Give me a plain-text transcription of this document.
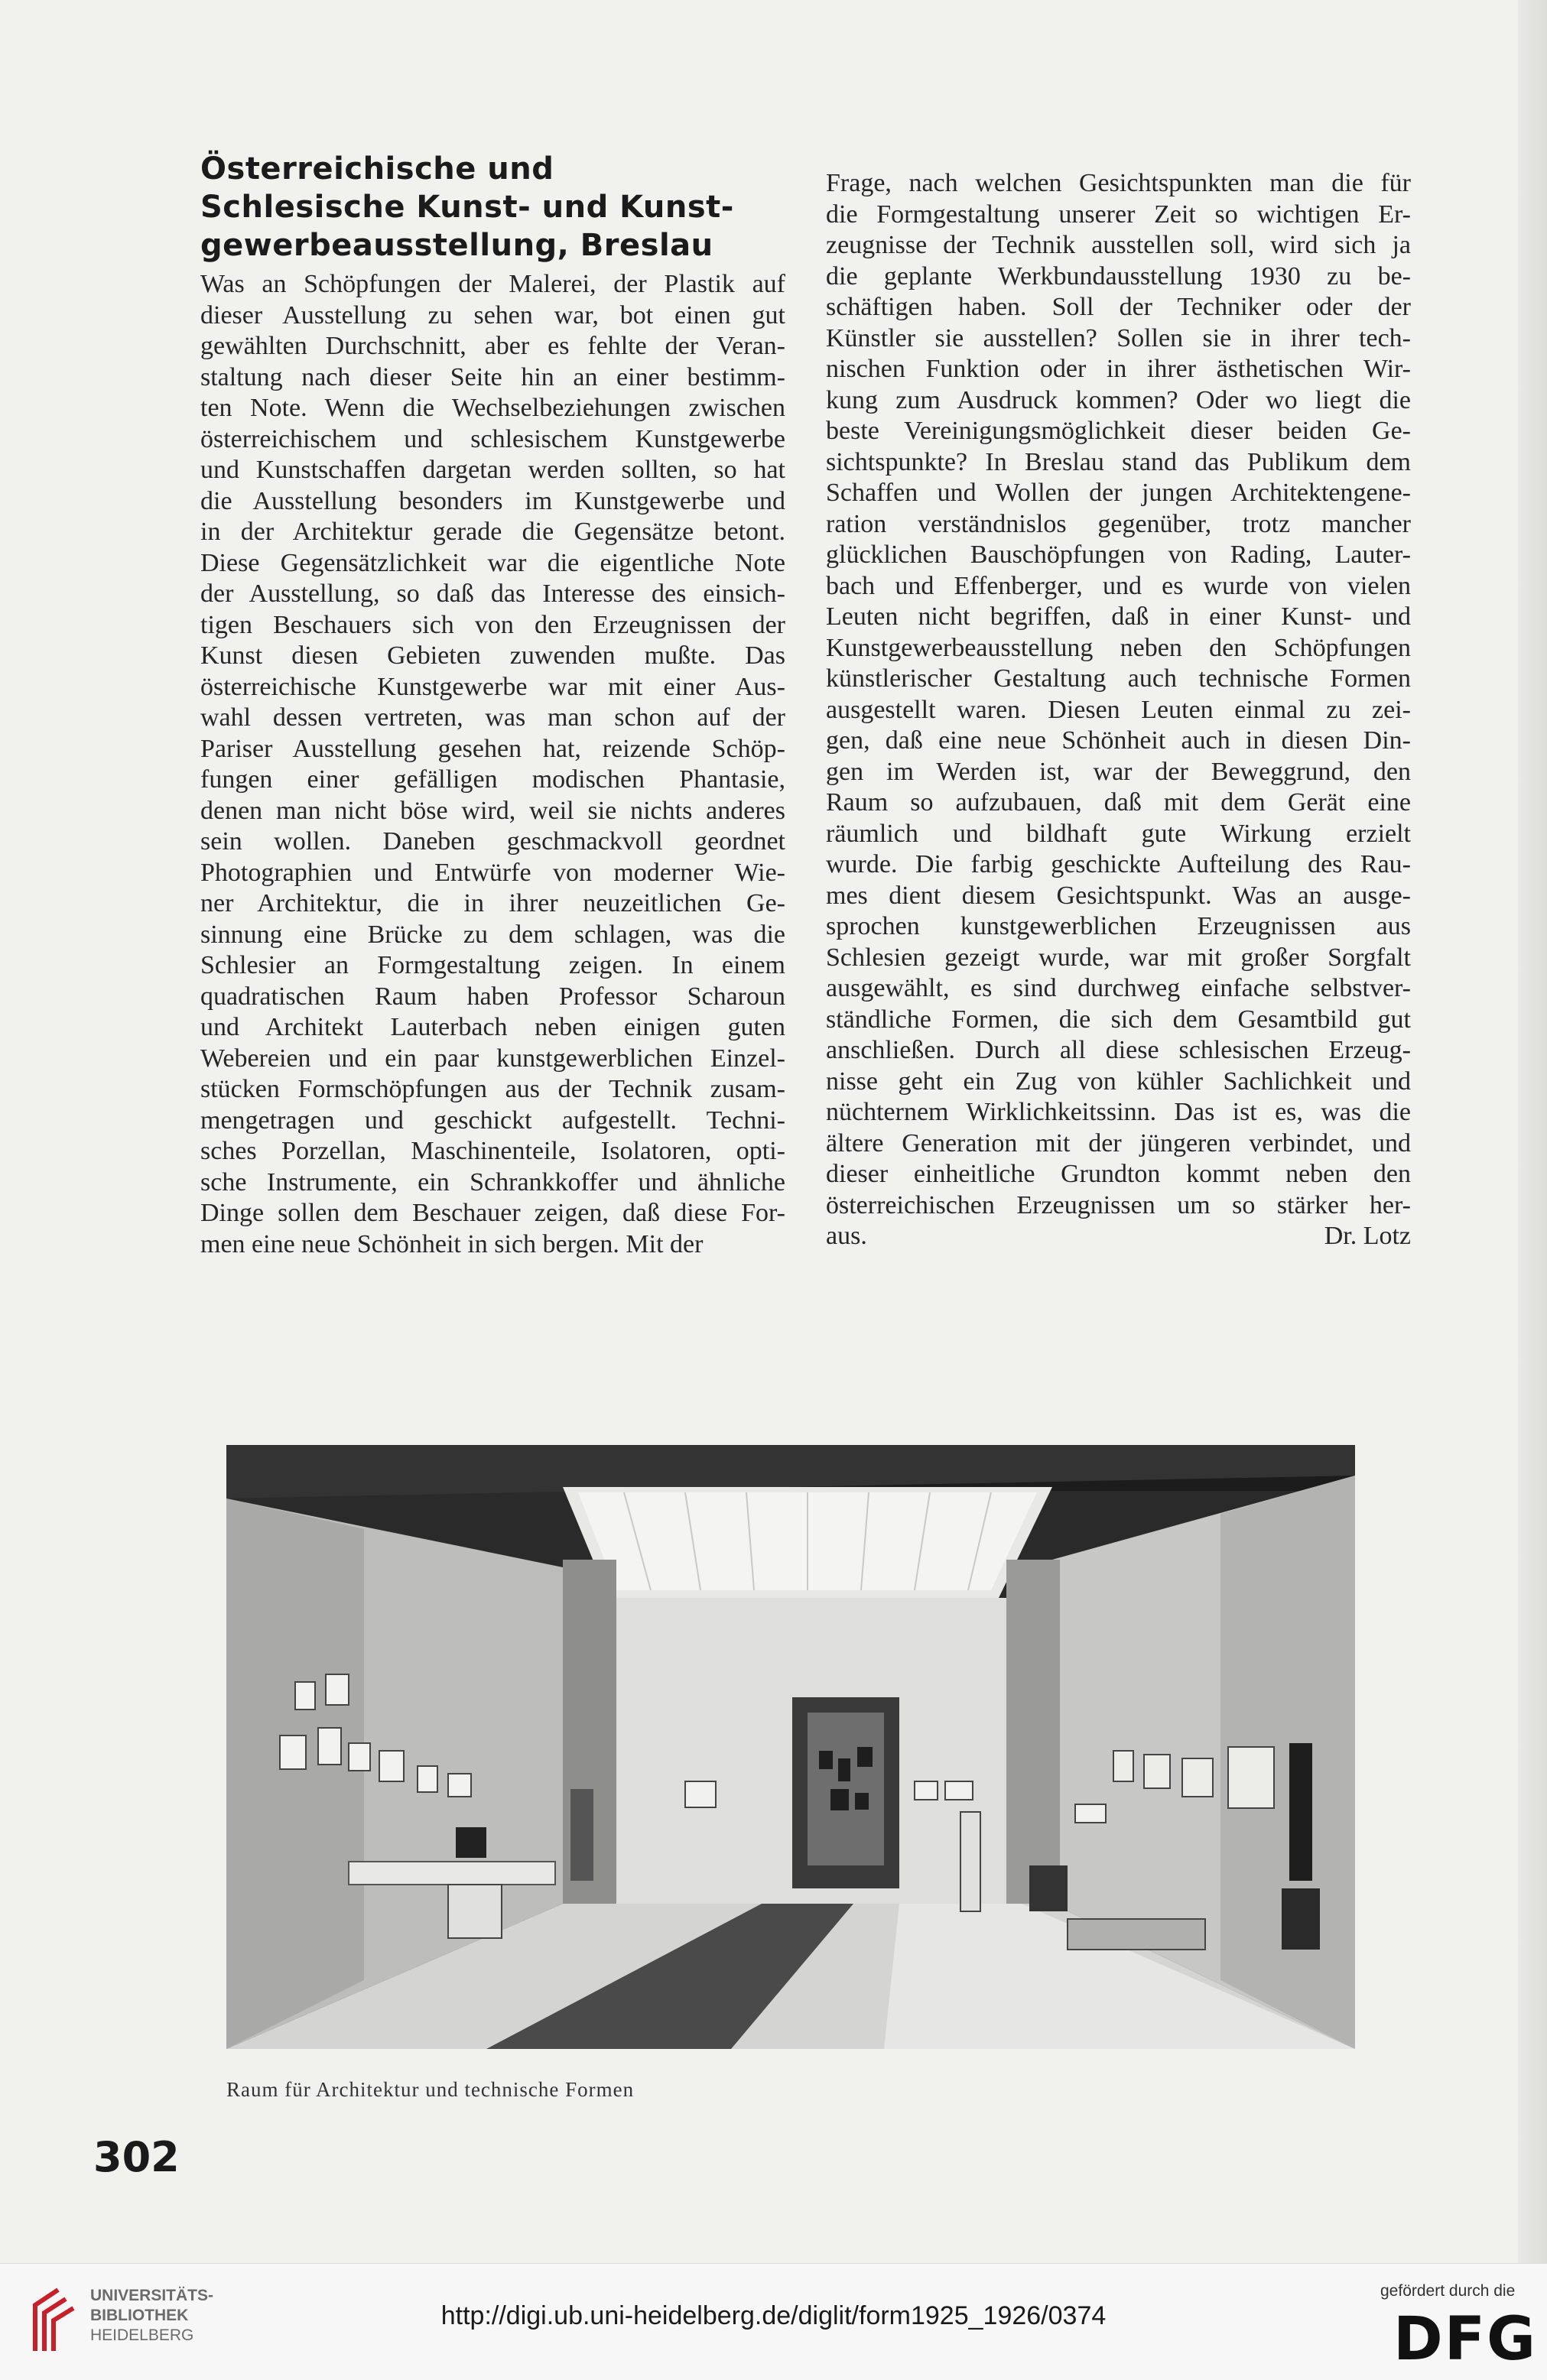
Österreichische und
Schlesische Kunst- und Kunst-
gewerbeausstellung, Breslau
Was an Schöpfungen der Malerei, der Plastik auf
dieser Ausstellung zu sehen war, bot einen gut
gewählten Durchschnitt, aber es fehlte der Veran-
staltung nach dieser Seite hin an einer bestimm-
ten Note. Wenn die Wechselbeziehungen zwischen
österreichischem und schlesischem Kunstgewerbe
und Kunstschaffen dargetan werden sollten, so hat
die Ausstellung besonders im Kunstgewerbe und
in der Architektur gerade die Gegensätze betont.
Diese Gegensätzlichkeit war die eigentliche Note
der Ausstellung, so daß das Interesse des einsich-
tigen Beschauers sich von den Erzeugnissen der
Kunst diesen Gebieten zuwenden mußte. Das
österreichische Kunstgewerbe war mit einer Aus-
wahl dessen vertreten, was man schon auf der
Pariser Ausstellung gesehen hat, reizende Schöp-
fungen einer gefälligen modischen Phantasie,
denen man nicht böse wird, weil sie nichts anderes
sein wollen. Daneben geschmackvoll geordnet
Photographien und Entwürfe von moderner Wie-
ner Architektur, die in ihrer neuzeitlichen Ge-
sinnung eine Brücke zu dem schlagen, was die
Schlesier an Formgestaltung zeigen. In einem
quadratischen Raum haben Professor Scharoun
und Architekt Lauterbach neben einigen guten
Webereien und ein paar kunstgewerblichen Einzel-
stücken Formschöpfungen aus der Technik zusam-
mengetragen und geschickt aufgestellt. Techni-
sches Porzellan, Maschinenteile, Isolatoren, opti-
sche Instrumente, ein Schrankkoffer und ähnliche
Dinge sollen dem Beschauer zeigen, daß diese For-
men eine neue Schönheit in sich bergen. Mit der
Frage, nach welchen Gesichtspunkten man die für
die Formgestaltung unserer Zeit so wichtigen Er-
zeugnisse der Technik ausstellen soll, wird sich ja
die geplante Werkbundausstellung 1930 zu be-
schäftigen haben. Soll der Techniker oder der
Künstler sie ausstellen? Sollen sie in ihrer tech-
nischen Funktion oder in ihrer ästhetischen Wir-
kung zum Ausdruck kommen? Oder wo liegt die
beste Vereinigungsmöglichkeit dieser beiden Ge-
sichtspunkte? In Breslau stand das Publikum dem
Schaffen und Wollen der jungen Architektengene-
ration verständnislos gegenüber, trotz mancher
glücklichen Bauschöpfungen von Rading, Lauter-
bach und Effenberger, und es wurde von vielen
Leuten nicht begriffen, daß in einer Kunst- und
Kunstgewerbeausstellung neben den Schöpfungen
künstlerischer Gestaltung auch technische Formen
ausgestellt waren. Diesen Leuten einmal zu zei-
gen, daß eine neue Schönheit auch in diesen Din-
gen im Werden ist, war der Beweggrund, den
Raum so aufzubauen, daß mit dem Gerät eine
räumlich und bildhaft gute Wirkung erzielt
wurde. Die farbig geschickte Aufteilung des Rau-
mes dient diesem Gesichtspunkt. Was an ausge-
sprochen kunstgewerblichen Erzeugnissen aus
Schlesien gezeigt wurde, war mit großer Sorgfalt
ausgewählt, es sind durchweg einfache selbstver-
ständliche Formen, die sich dem Gesamtbild gut
anschließen. Durch all diese schlesischen Erzeug-
nisse geht ein Zug von kühler Sachlichkeit und
nüchternem Wirklichkeitssinn. Das ist es, was die
ältere Generation mit der jüngeren verbindet, und
dieser einheitliche Grundton kommt neben den
österreichischen Erzeugnissen um so stärker her-
aus.	Dr. Lotz
Raum für Architektur und technische Formen
302
UNIVERSITÄTS-
BIBLIOTHEK
HEIDELBERG
http://digi.ub.uni-heidelberg.de/diglit/form1925_1926/0374
gefördert durch die
DFG
